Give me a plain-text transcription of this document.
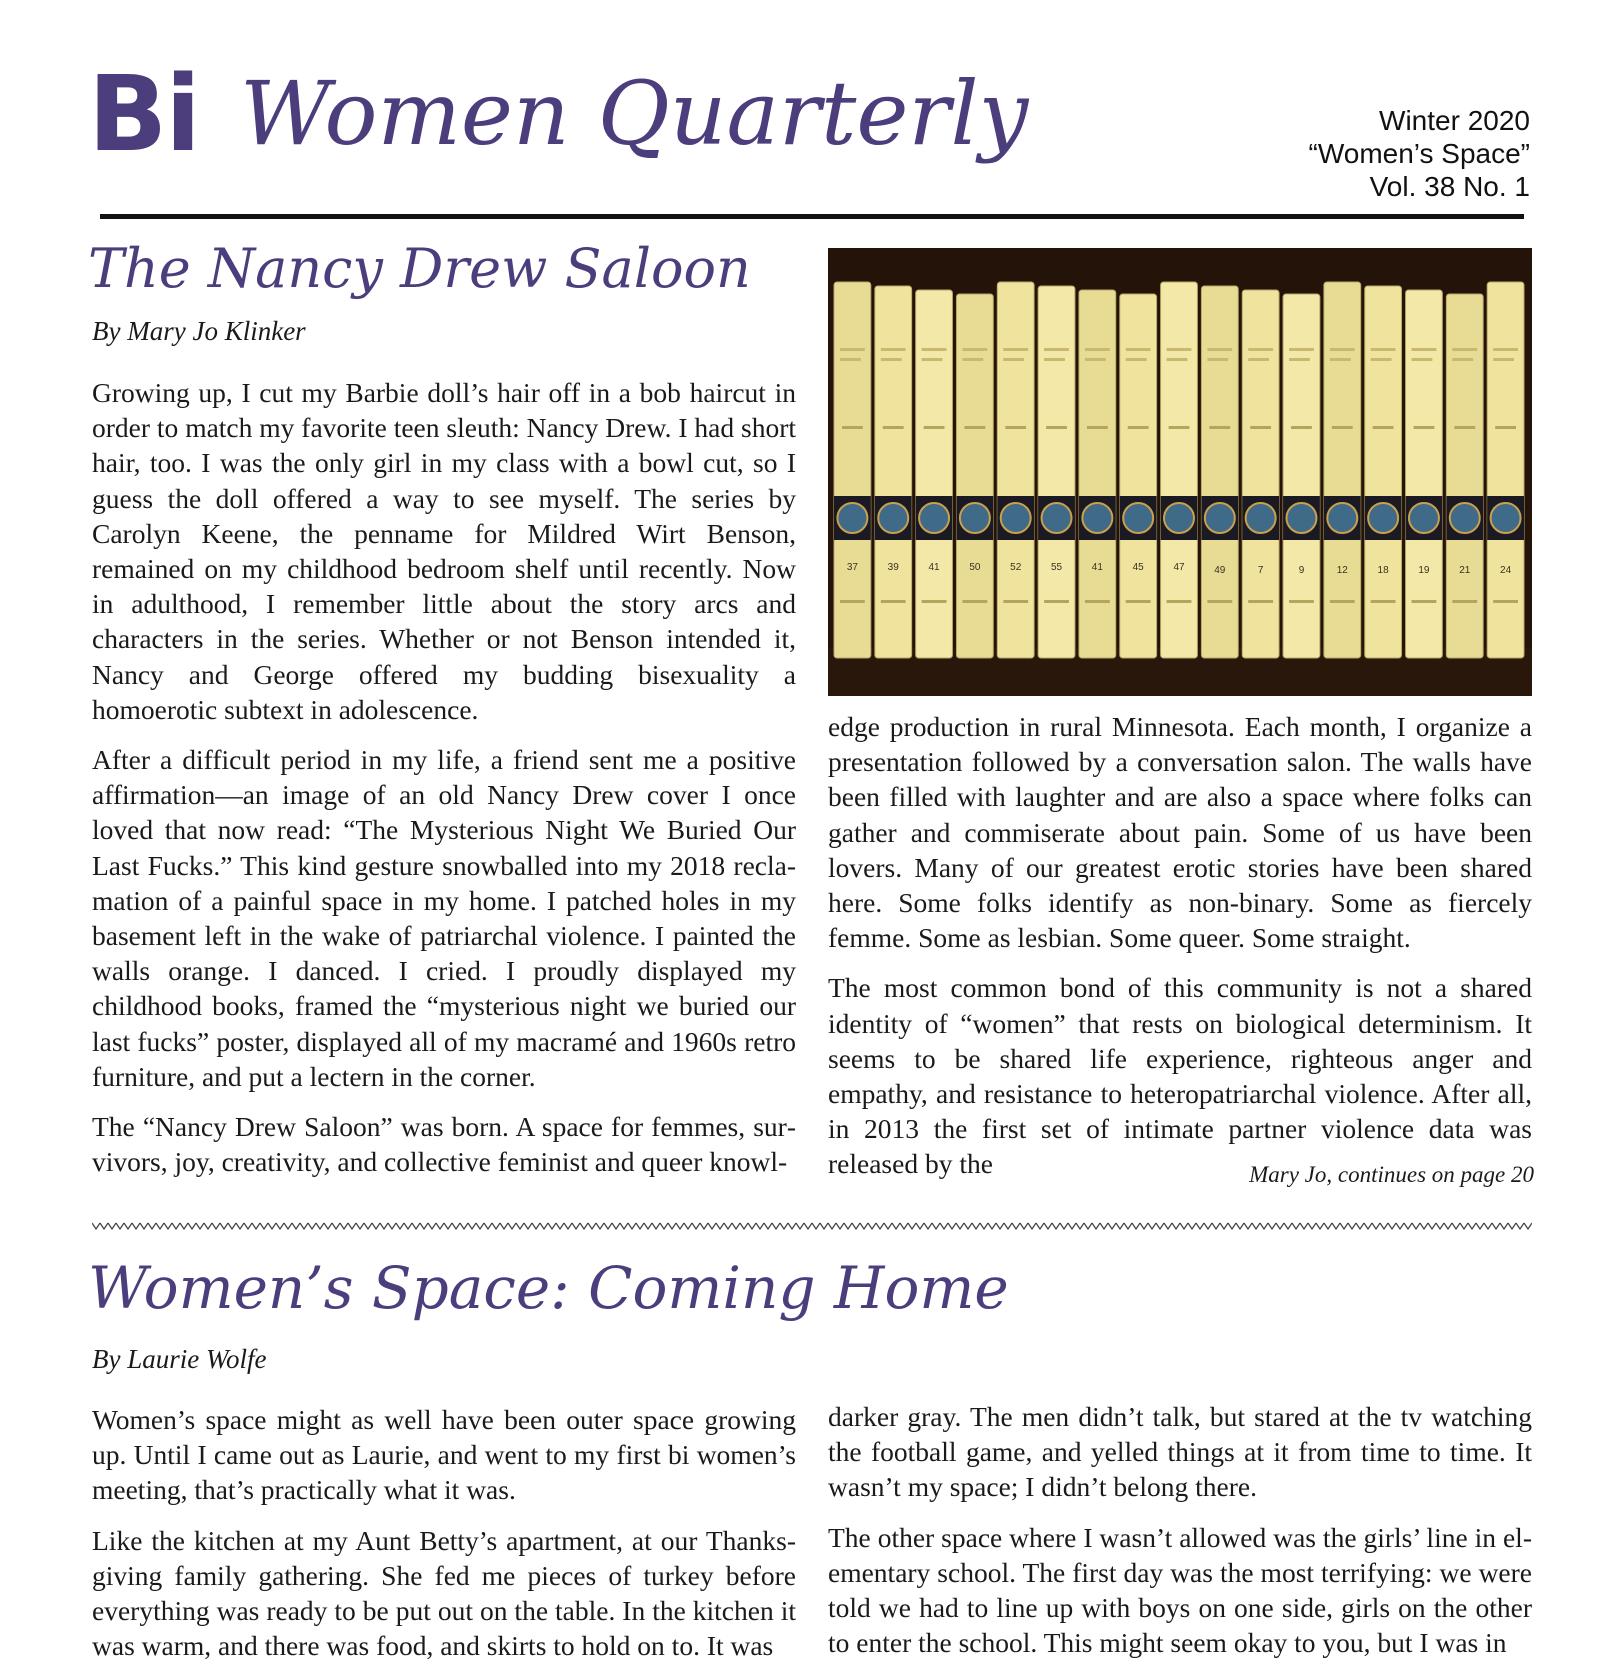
Bi Women Quarterly	Winter 2020
“Women’s Space”
Vol. 38 No. 1
The Nancy Drew Saloon
By Mary Jo Klinker

Growing up, I cut my Barbie doll’s hair off in a bob haircut in order to match my favorite teen sleuth: Nancy Drew. I had short hair, too. I was the only girl in my class with a bowl cut, so I guess the doll offered a way to see myself. The series by Carolyn Keene, the penname for Mildred Wirt Benson, remained on my childhood bedroom shelf until recently. Now in adulthood, I remember little about the story arcs and characters in the series. Whether or not Benson intended it, Nancy and George offered my budding bisexuality a homoerotic subtext in adolescence.

After a difficult period in my life, a friend sent me a positive affirmation—an image of an old Nancy Drew cover I once loved that now read: “The Mysterious Night We Buried Our Last Fucks.” This kind gesture snowballed into my 2018 reclamation of a painful space in my home. I patched holes in my basement left in the wake of patriarchal violence. I painted the walls orange. I danced. I cried. I proudly displayed my childhood books, framed the “mysterious night we buried our last fucks” poster, displayed all of my macramé and 1960s retro furniture, and put a lectern in the corner.

The “Nancy Drew Saloon” was born. A space for femmes, survivors, joy, creativity, and collective feminist and queer knowl-

37	39	41	50	52	55	41	45	47	49	7	9	12	18	19	21	24

edge production in rural Minnesota. Each month, I organize a presentation followed by a conversation salon. The walls have been filled with laughter and are also a space where folks can gather and commiserate about pain. Some of us have been lovers. Many of our greatest erotic stories have been shared here. Some folks identify as non-binary. Some as fiercely femme. Some as lesbian. Some queer. Some straight.

The most common bond of this community is not a shared identity of “women” that rests on biological determinism. It seems to be shared life experience, righteous anger and empathy, and resistance to heteropatriarchal violence. After all, in 2013 the first set of intimate partner violence data was released by the	Mary Jo, continues on page 20
Women’s Space: Coming Home
By Laurie Wolfe

Women’s space might as well have been outer space growing up. Until I came out as Laurie, and went to my first bi women’s meeting, that’s practically what it was.

Like the kitchen at my Aunt Betty’s apartment, at our Thanksgiving family gathering. She fed me pieces of turkey before everything was ready to be put out on the table. In the kitchen it was warm, and there was food, and skirts to hold on to. It was

darker gray. The men didn’t talk, but stared at the tv watching the football game, and yelled things at it from time to time. It wasn’t my space; I didn’t belong there.

The other space where I wasn’t allowed was the girls’ line in elementary school. The first day was the most terrifying: we were told we had to line up with boys on one side, girls on the other to enter the school. This might seem okay to you, but I was in
